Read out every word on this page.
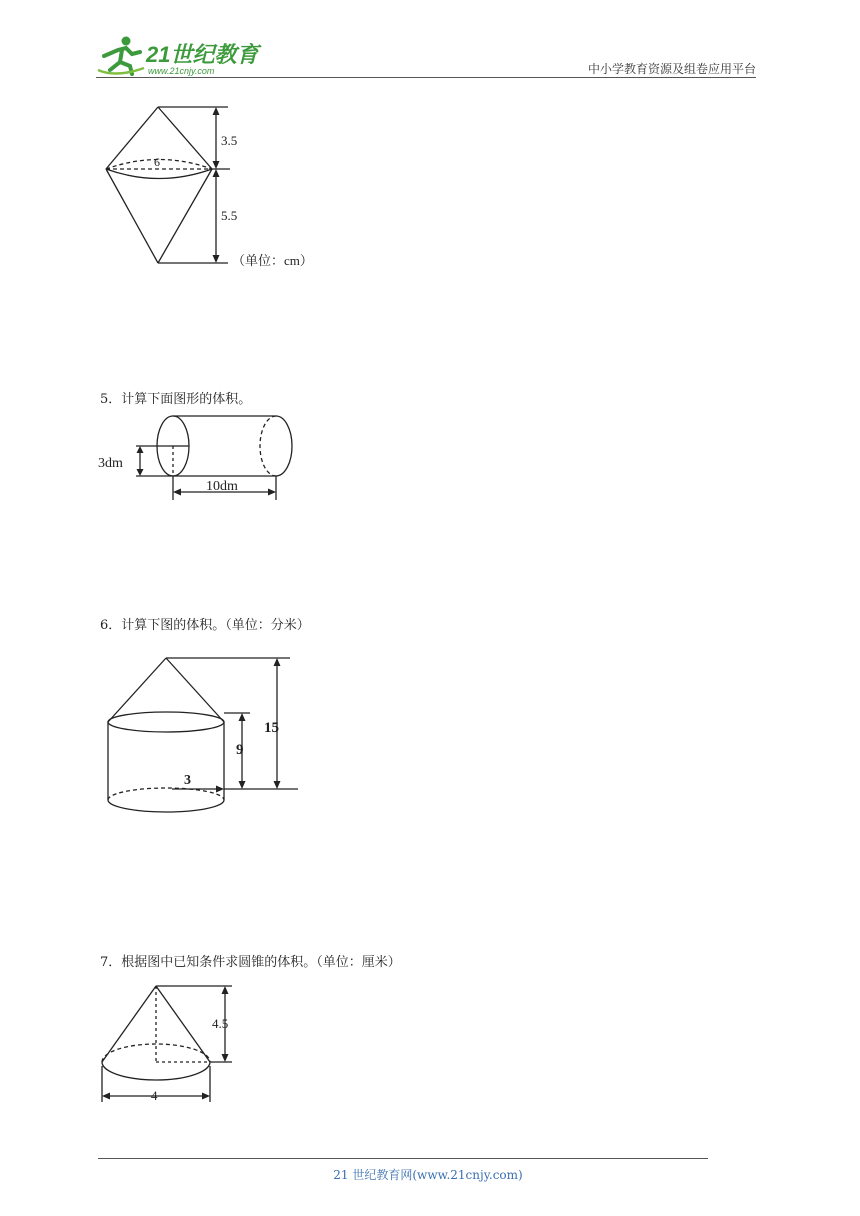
21世纪教育
www.21cnjy.com	中小学教育资源及组卷应用平台
3.5
5.5
6
（单位：cm）
5．计算下面图形的体积。
3dm
10dm
6．计算下图的体积。（单位：分米）
15
9
3
7．根据图中已知条件求圆锥的体积。（单位：厘米）
4.5
4
21 世纪教育网(www.21cnjy.com)
